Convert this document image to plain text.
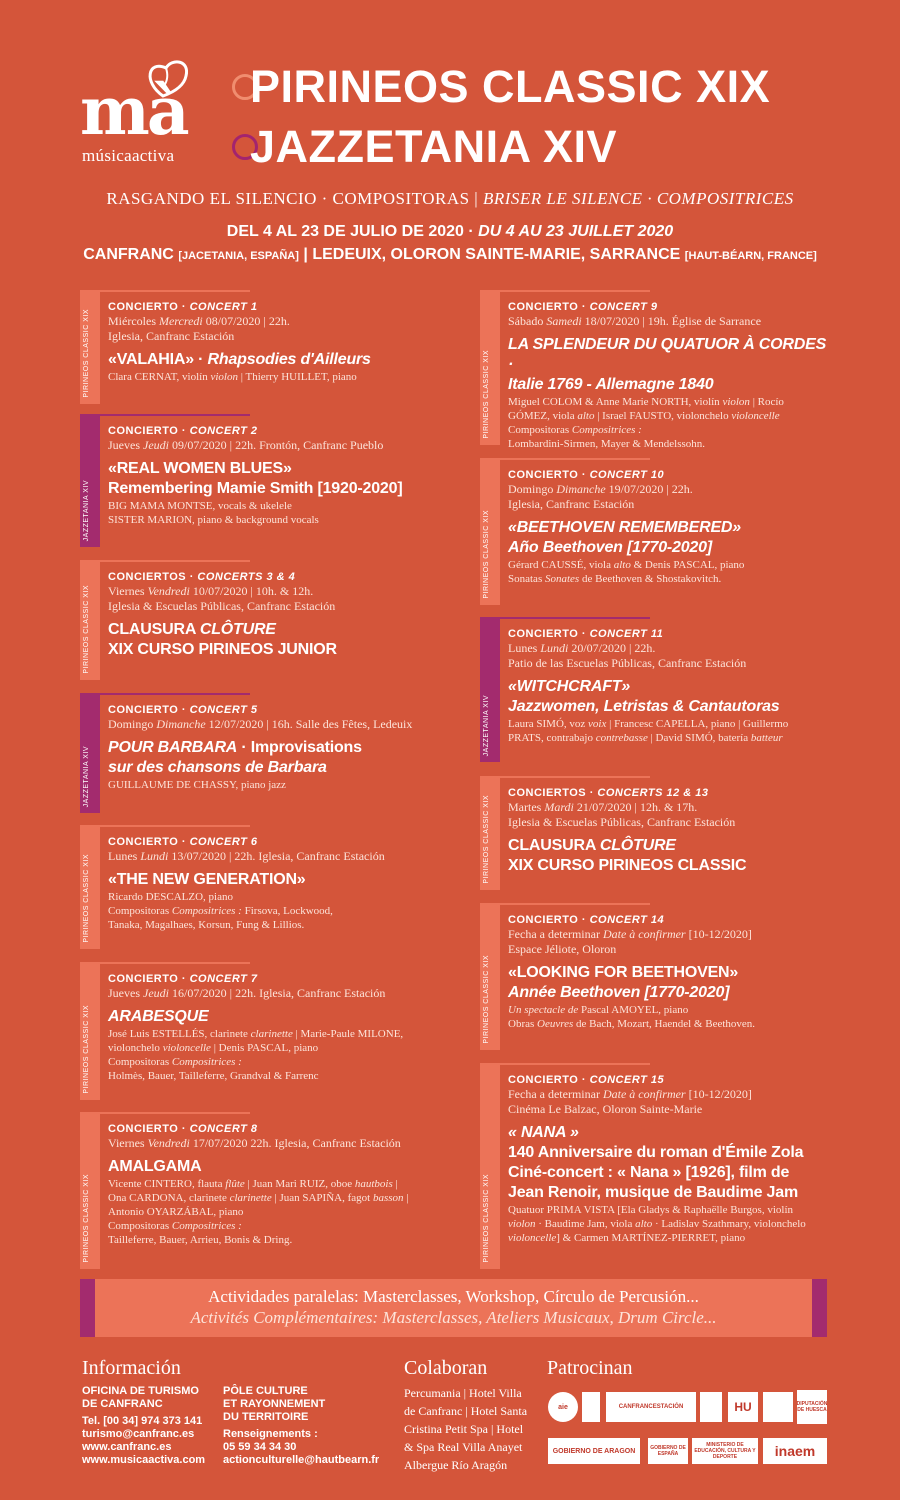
mà
músicaactiva
PIRINEOS CLASSIC XIX
JAZZETANIA XIV
RASGANDO EL SILENCIO · COMPOSITORAS | BRISER LE SILENCE · COMPOSITRICES
DEL 4 AL 23 DE JULIO DE 2020 · DU 4 AU 23 JUILLET 2020
CANFRANC [JACETANIA, ESPAÑA] | LEDEUIX, OLORON SAINTE-MARIE, SARRANCE [HAUT-BÉARN, FRANCE]
PIRINEOS CLASSIC XIX
CONCIERTO · CONCERT 1
Miércoles Mercredi 08/07/2020 | 22h.
Iglesia, Canfranc Estación
«VALAHIA» · Rhapsodies d'Ailleurs
Clara CERNAT, violín violon | Thierry HUILLET, piano
JAZZETANIA XIV
CONCIERTO · CONCERT 2
Jueves Jeudi 09/07/2020 | 22h. Frontón, Canfranc Pueblo
«REAL WOMEN BLUES»
Remembering Mamie Smith [1920-2020]
BIG MAMA MONTSE, vocals & ukelele
SISTER MARION, piano & background vocals
PIRINEOS CLASSIC XIX
CONCIERTOS · CONCERTS 3 & 4
Viernes Vendredi 10/07/2020 | 10h. & 12h.
Iglesia & Escuelas Públicas, Canfranc Estación
CLAUSURA CLÔTURE
XIX CURSO PIRINEOS JUNIOR
JAZZETANIA XIV
CONCIERTO · CONCERT 5
Domingo Dimanche 12/07/2020 | 16h. Salle des Fêtes, Ledeuix
POUR BARBARA · Improvisations
sur des chansons de Barbara
GUILLAUME DE CHASSY, piano jazz
PIRINEOS CLASSIC XIX
CONCIERTO · CONCERT 6
Lunes Lundi 13/07/2020 | 22h. Iglesia, Canfranc Estación
«THE NEW GENERATION»
Ricardo DESCALZO, piano
Compositoras Compositrices : Firsova, Lockwood,
Tanaka, Magalhaes, Korsun, Fung & Lillios.
PIRINEOS CLASSIC XIX
CONCIERTO · CONCERT 7
Jueves Jeudi 16/07/2020 | 22h. Iglesia, Canfranc Estación
ARABESQUE
José Luis ESTELLÉS, clarinete clarinette | Marie-Paule MILONE,
violonchelo violoncelle | Denis PASCAL, piano
Compositoras Compositrices :
Holmès, Bauer, Tailleferre, Grandval & Farrenc
PIRINEOS CLASSIC XIX
CONCIERTO · CONCERT 8
Viernes Vendredi 17/07/2020 22h. Iglesia, Canfranc Estación
AMALGAMA
Vicente CINTERO, flauta flûte | Juan Mari RUIZ, oboe hautbois |
Ona CARDONA, clarinete clarinette | Juan SAPIÑA, fagot basson |
Antonio OYARZÁBAL, piano
Compositoras Compositrices :
Tailleferre, Bauer, Arrieu, Bonis & Dring.
PIRINEOS CLASSIC XIX
CONCIERTO · CONCERT 9
Sábado Samedi 18/07/2020 | 19h. Église de Sarrance
LA SPLENDEUR DU QUATUOR À CORDES ·
Italie 1769 - Allemagne 1840
Miguel COLOM & Anne Marie NORTH, violín violon | Rocío
GÓMEZ, viola alto | Israel FAUSTO, violonchelo violoncelle
Compositoras Compositrices :
Lombardini-Sirmen, Mayer & Mendelssohn.
PIRINEOS CLASSIC XIX
CONCIERTO · CONCERT 10
Domingo Dimanche 19/07/2020 | 22h.
Iglesia, Canfranc Estación
«BEETHOVEN REMEMBERED»
Año Beethoven [1770-2020]
Gérard CAUSSÉ, viola alto & Denis PASCAL, piano
Sonatas Sonates de Beethoven & Shostakovitch.
JAZZETANIA XIV
CONCIERTO · CONCERT 11
Lunes Lundi 20/07/2020 | 22h.
Patio de las Escuelas Públicas, Canfranc Estación
«WITCHCRAFT»
Jazzwomen, Letristas & Cantautoras
Laura SIMÓ, voz voix | Francesc CAPELLA, piano | Guillermo
PRATS, contrabajo contrebasse | David SIMÓ, batería batteur
PIRINEOS CLASSIC XIX
CONCIERTOS · CONCERTS 12 & 13
Martes Mardi 21/07/2020 | 12h. & 17h.
Iglesia & Escuelas Públicas, Canfranc Estación
CLAUSURA CLÔTURE
XIX CURSO PIRINEOS CLASSIC
PIRINEOS CLASSIC XIX
CONCIERTO · CONCERT 14
Fecha a determinar Date à confirmer [10-12/2020]
Espace Jéliote, Oloron
«LOOKING FOR BEETHOVEN»
Année Beethoven [1770-2020]
Un spectacle de Pascal AMOYEL, piano
Obras Oeuvres de Bach, Mozart, Haendel & Beethoven.
PIRINEOS CLASSIC XIX
CONCIERTO · CONCERT 15
Fecha a determinar Date à confirmer [10-12/2020]
Cinéma Le Balzac, Oloron Sainte-Marie
« NANA »
140 Anniversaire du roman d'Émile Zola
Ciné-concert : « Nana » [1926], film de
Jean Renoir, musique de Baudime Jam
Quatuor PRIMA VISTA [Ela Gladys & Raphaëlle Burgos, violín
violon · Baudime Jam, viola alto · Ladislav Szathmary, violonchelo
violoncelle] & Carmen MARTÍNEZ-PIERRET, piano
Actividades paralelas: Masterclasses, Workshop, Círculo de Percusión...
Activités Complémentaires: Masterclasses, Ateliers Musicaux, Drum Circle...
Información
OFICINA DE TURISMO
DE CANFRANC
Tel. [00 34] 974 373 141
turismo@canfranc.es
www.canfranc.es
www.musicaactiva.com
PÔLE CULTURE
ET RAYONNEMENT
DU TERRITOIRE
Renseignements :
05 59 34 34 30
actionculturelle@hautbearn.fr
Colaboran
Percumania | Hotel Villa
de Canfranc | Hotel Santa
Cristina Petit Spa | Hotel
& Spa Real Villa Anayet
Albergue Río Aragón
Patrocinan
aie	CANFRANCESTACIÓN	HU	DIPUTACIÓN DE HUESCA
GOBIERNO DE ARAGON	GOBIERNO DE ESPAÑA
MINISTERIO DE EDUCACIÓN, CULTURA Y DEPORTE	inaem
